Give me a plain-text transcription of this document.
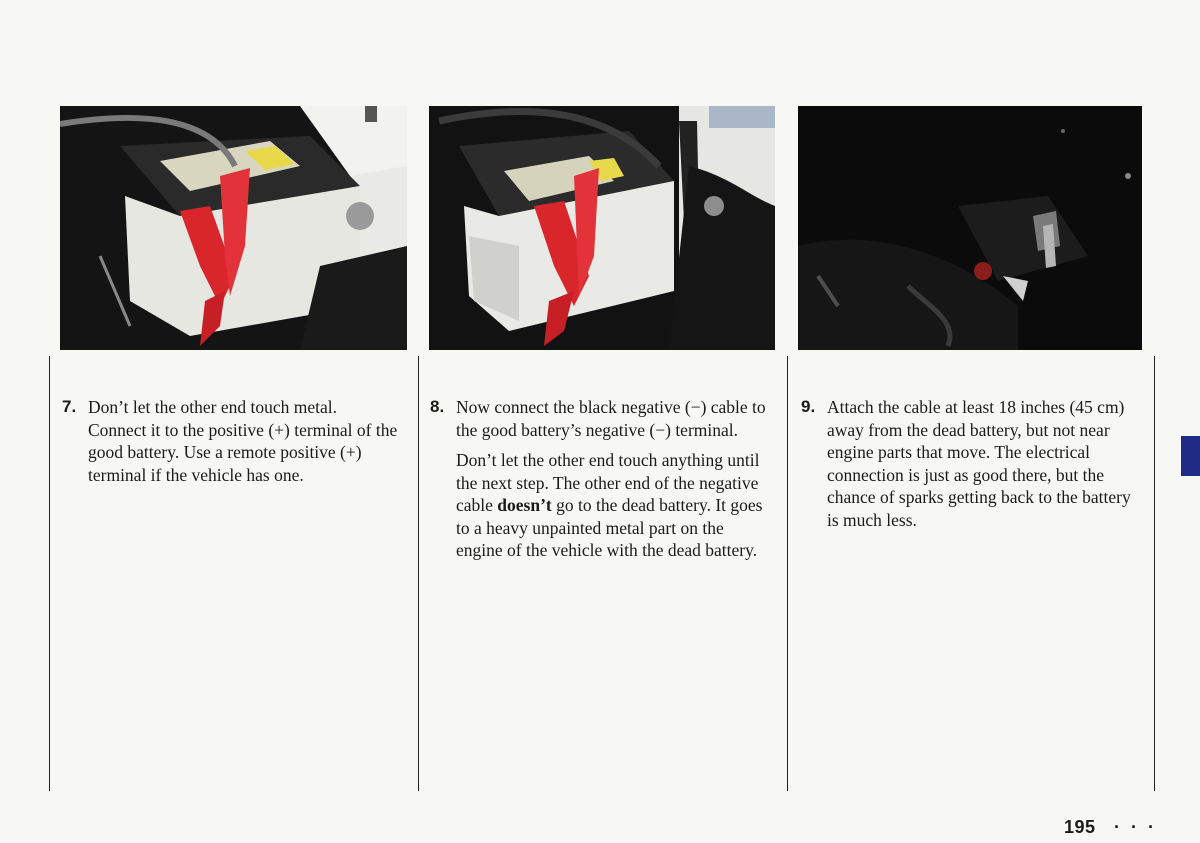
7. Don’t let the other end touch metal. Connect it to the positive (+) terminal of the good battery. Use a remote positive (+) terminal if the vehicle has one.

8. Now connect the black negative (−) cable to the good battery’s negative (−) terminal.

Don’t let the other end touch anything until the next step. The other end of the negative cable doesn’t go to the dead battery. It goes to a heavy unpainted metal part on the engine of the vehicle with the dead battery.

9. Attach the cable at least 18 inches (45 cm) away from the dead battery, but not near engine parts that move. The electrical connection is just as good there, but the chance of sparks getting back to the battery is much less.

195 · · ·
